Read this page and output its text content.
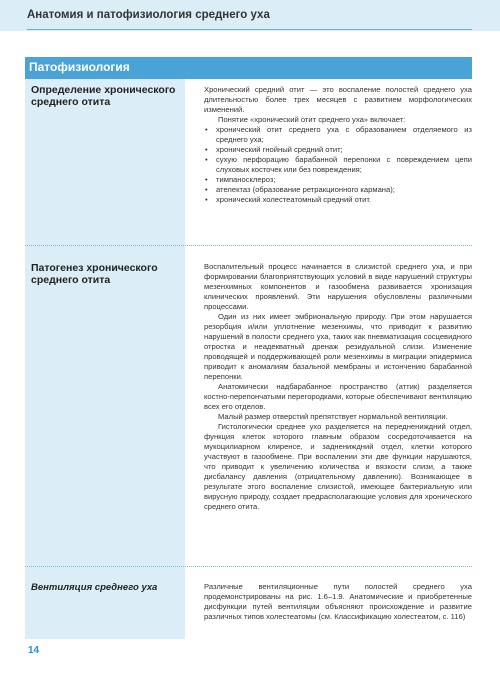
Анатомия и патофизиология среднего уха
Патофизиология
Определение хронического среднего отита

Хронический средний отит — это воспаление полостей среднего уха длительностью более трех месяцев с развитием морфологических изменений.

Понятие «хронический отит среднего уха» включает:

• хронический отит среднего уха с образованием отделяемого из среднего уха;
• хронический гнойный средний отит;
• сухую перфорацию барабанной перепонки с повреждением цепи слуховых косточек или без повреждения;
• тимпаносклероз;
• ателектаз (образование ретракционного кармана);
• хронический холестеатомный средний отит.
Патогенез хронического среднего отита

Воспалительный процесс начинается в слизистой среднего уха, и при формировании благоприятствующих условий в виде нарушений структуры мезенхимных компонентов и газообмена развивается хронизация клинических проявлений. Эти нарушения обусловлены различными процессами.

Один из них имеет эмбриональную природу. При этом нарушается резорбция и/или уплотнение мезенхимы, что приводит к развитию нарушений в полости среднего уха, таких как пневматизация сосцевидного отростка и неадекватный дренаж резидуальной слизи. Изменение проводящей и поддерживающей роли мезенхимы в миграции эпидермиса приводит к аномалиям базальной мембраны и истончению барабанной перепонки.

Анатомически надбарабанное пространство (аттик) разделяется костно-перепончатыми перегородками, которые обеспечивают вентиляцию всех его отделов.

Малый размер отверстий препятствует нормальной вентиляции.

Гистологически среднее ухо разделяется на переднениждний отдел, функция клеток которого главным образом сосредоточивается на мукоцилиарном клиренсе, и заднениждний отдел, клетки которого участвуют в газообмене. При воспалении эти две функции нарушаются, что приводит к увеличению количества и вязкости слизи, а также дисбалансу давления (отрицательному давлению). Возникающее в результате этого воспаление слизистой, имеющее бактериальную или вирусную природу, создает предрасполагающие условия для хронического среднего отита.

Вентиляция среднего уха	Различные вентиляционные пути полостей среднего уха продемонстрированы на рис. 1.6–1.9. Анатомические и приобретенные дисфункции путей вентиляции объясняют происхождение и развитие различных типов холестеатомы (см. Классификацию холестеатом, с. 116)

14
